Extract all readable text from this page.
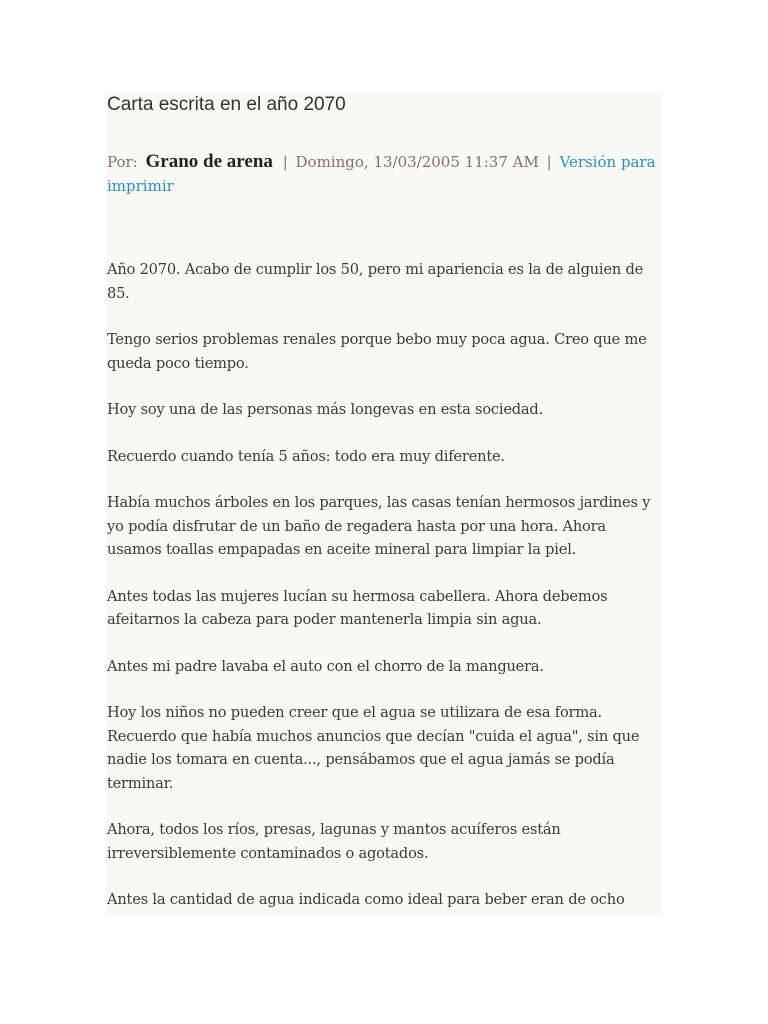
Carta escrita en el año 2070
Por: Grano de arena | Domingo, 13/03/2005 11:37 AM | Versión para imprimir

Año 2070. Acabo de cumplir los 50, pero mi apariencia es la de alguien de 85.

Tengo serios problemas renales porque bebo muy poca agua. Creo que me queda poco tiempo.

Hoy soy una de las personas más longevas en esta sociedad.

Recuerdo cuando tenía 5 años: todo era muy diferente.

Había muchos árboles en los parques, las casas tenían hermosos jardines y yo podía disfrutar de un baño de regadera hasta por una hora. Ahora usamos toallas empapadas en aceite mineral para limpiar la piel.

Antes todas las mujeres lucían su hermosa cabellera. Ahora debemos afeitarnos la cabeza para poder mantenerla limpia sin agua.

Antes mi padre lavaba el auto con el chorro de la manguera.

Hoy los niños no pueden creer que el agua se utilizara de esa forma. Recuerdo que había muchos anuncios que decían "cuida el agua", sin que nadie los tomara en cuenta..., pensábamos que el agua jamás se podía terminar.

Ahora, todos los ríos, presas, lagunas y mantos acuíferos están irreversiblemente contaminados o agotados.

Antes la cantidad de agua indicada como ideal para beber eran de ocho
